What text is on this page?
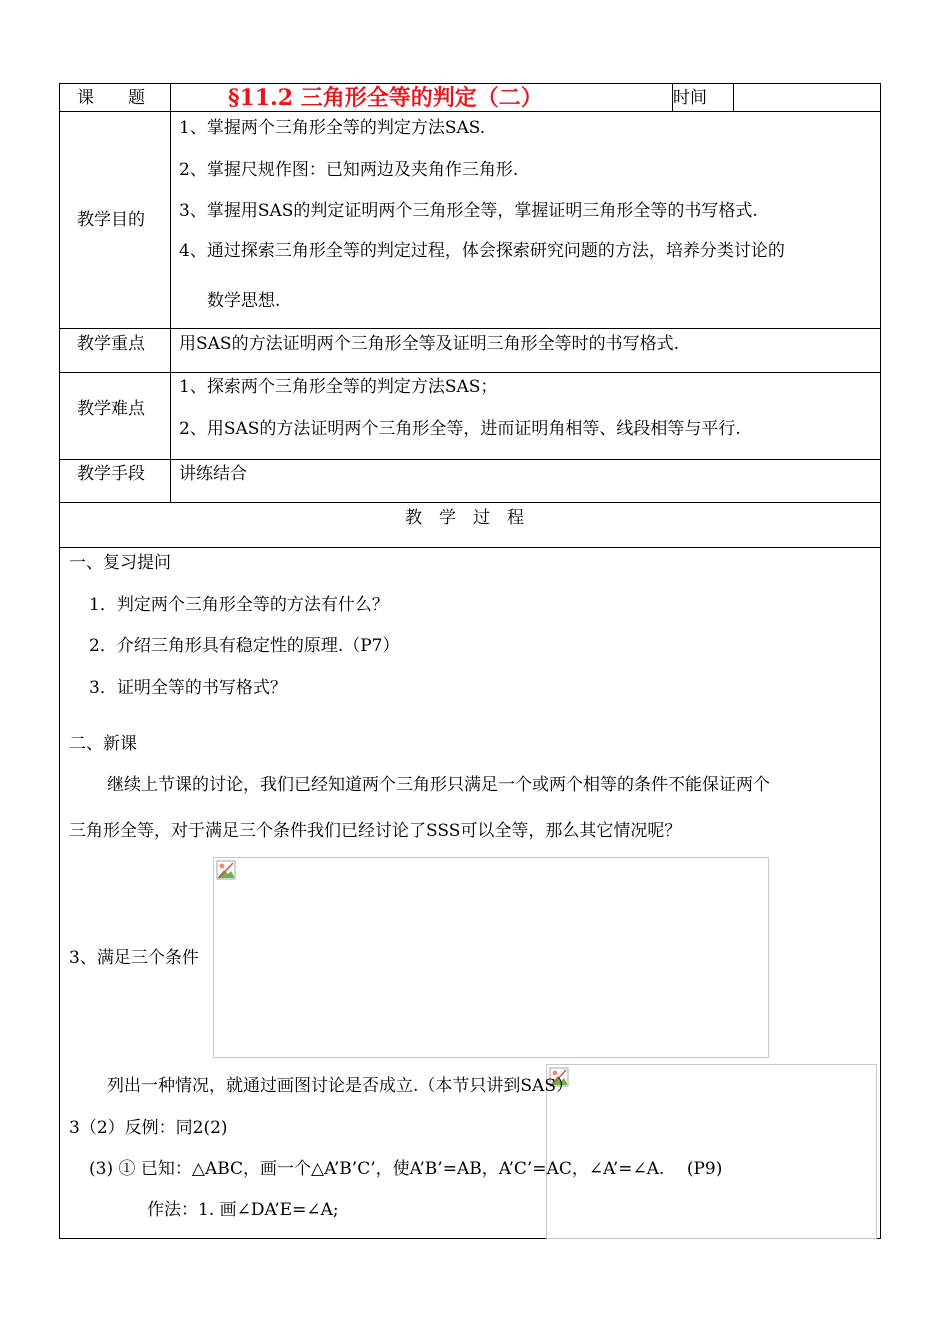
课　　题	§11.2 三角形全等的判定（二）	时间
教学目的
1、掌握两个三角形全等的判定方法SAS.
2、掌握尺规作图：已知两边及夹角作三角形.
3、掌握用SAS的判定证明两个三角形全等，掌握证明三角形全等的书写格式.
4、通过探索三角形全等的判定过程，体会探索研究问题的方法，培养分类讨论的
数学思想.
教学重点 用SAS的方法证明两个三角形全等及证明三角形全等时的书写格式.
教学难点
1、探索两个三角形全等的判定方法SAS；
2、用SAS的方法证明两个三角形全等，进而证明角相等、线段相等与平行.
教学手段 讲练结合
教　学　过　程
一、复习提问
1．判定两个三角形全等的方法有什么？
2．介绍三角形具有稳定性的原理.（P7）
3．证明全等的书写格式？
二、新课
继续上节课的讨论，我们已经知道两个三角形只满足一个或两个相等的条件不能保证两个
三角形全等，对于满足三个条件我们已经讨论了SSS可以全等，那么其它情况呢？
3、满足三个条件
列出一种情况，就通过画图讨论是否成立.（本节只讲到SAS）
3（2）反例：同2(2)
(3) ① 已知：△ABC，画一个△A’B’C’，使A’B’=AB，A’C’=AC，∠A’=∠A.　 (P9)
作法：1. 画∠DA’E=∠A;
